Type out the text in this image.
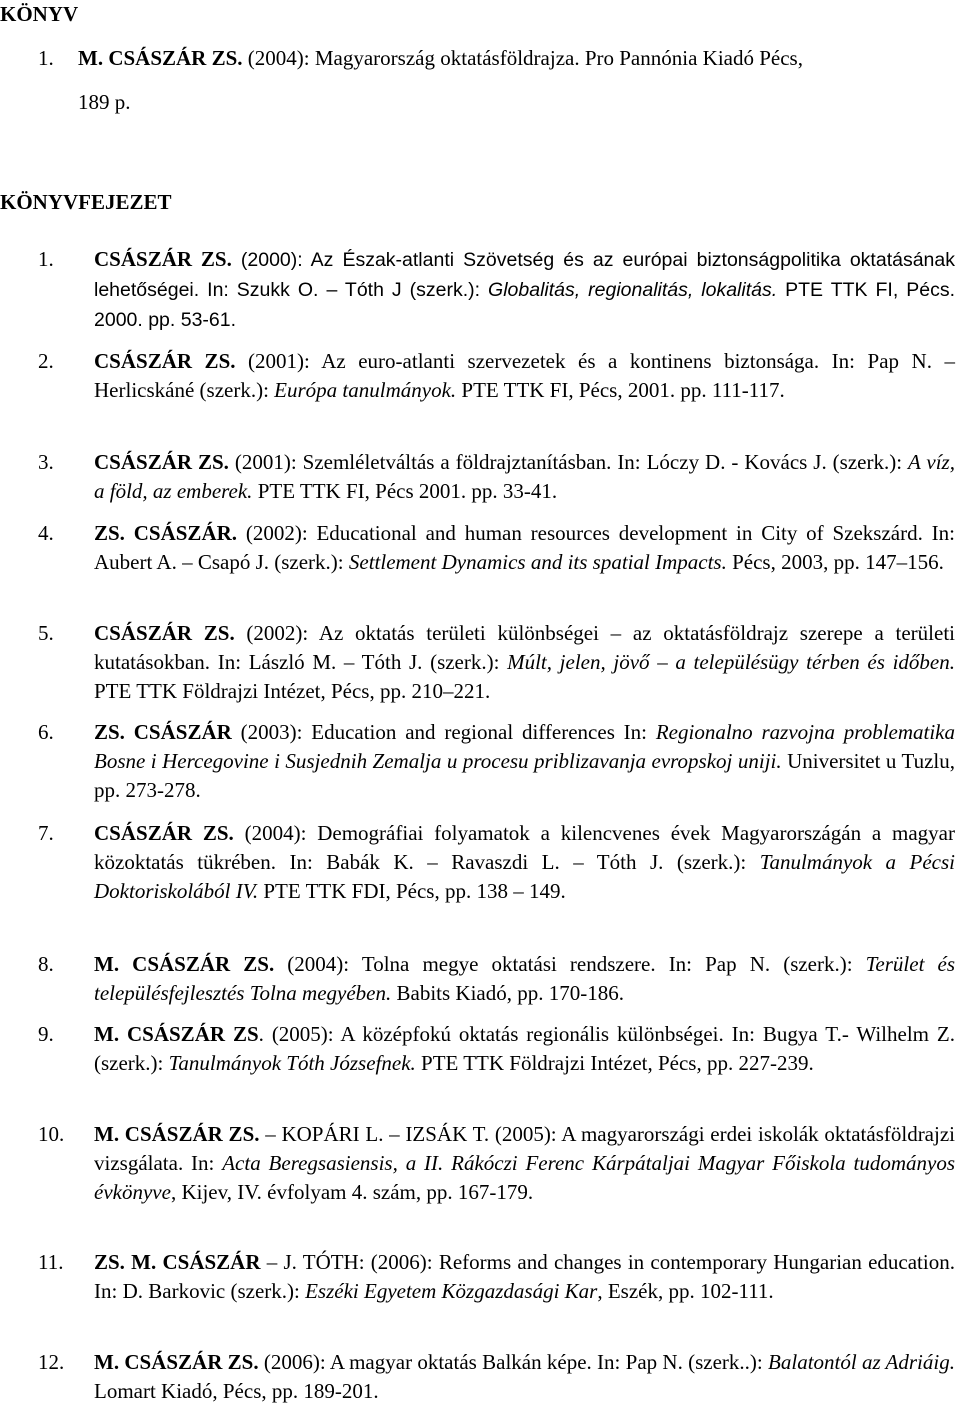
KÖNYV
1. M. CSÁSZÁR ZS. (2004): Magyarország oktatásföldrajza. Pro Pannónia Kiadó Pécs,
189 p.
KÖNYVFEJEZET
1. CSÁSZÁR ZS. (2000): Az Észak-atlanti Szövetség és az európai biztonságpolitika oktatásának lehetőségei. In: Szukk O. – Tóth J (szerk.): Globalitás, regionalitás, lokalitás. PTE TTK FI, Pécs. 2000. pp. 53-61.
2. CSÁSZÁR ZS. (2001): Az euro-atlanti szervezetek és a kontinens biztonsága. In: Pap N. – Herlicskáné (szerk.): Európa tanulmányok. PTE TTK FI, Pécs, 2001. pp. 111-117.
3. CSÁSZÁR ZS. (2001): Szemléletváltás a földrajztanításban. In: Lóczy D. - Kovács J. (szerk.): A víz, a föld, az emberek. PTE TTK FI, Pécs 2001. pp. 33-41.
4. ZS. CSÁSZÁR. (2002): Educational and human resources development in City of Szekszárd. In: Aubert A. – Csapó J. (szerk.): Settlement Dynamics and its spatial Impacts. Pécs, 2003, pp. 147–156.
5. CSÁSZÁR ZS. (2002): Az oktatás területi különbségei – az oktatásföldrajz szerepe a területi kutatásokban. In: László M. – Tóth J. (szerk.): Múlt, jelen, jövő – a településügy térben és időben. PTE TTK Földrajzi Intézet, Pécs, pp. 210–221.
6. ZS. CSÁSZÁR (2003): Education and regional differences In: Regionalno razvojna problematika Bosne i Hercegovine i Susjednih Zemalja u procesu priblizavanja evropskoj uniji. Universitet u Tuzlu, pp. 273-278.
7. CSÁSZÁR ZS. (2004): Demográfiai folyamatok a kilencvenes évek Magyarországán a magyar közoktatás tükrében. In: Babák K. – Ravaszdi L. – Tóth J. (szerk.): Tanulmányok a Pécsi Doktoriskolából IV. PTE TTK FDI, Pécs, pp. 138 – 149.
8. M. CSÁSZÁR ZS. (2004): Tolna megye oktatási rendszere. In: Pap N. (szerk.): Terület és településfejlesztés Tolna megyében. Babits Kiadó, pp. 170-186.
9. M. CSÁSZÁR ZS. (2005): A középfokú oktatás regionális különbségei. In: Bugya T.- Wilhelm Z. (szerk.): Tanulmányok Tóth Józsefnek. PTE TTK Földrajzi Intézet, Pécs, pp. 227-239.
10. M. CSÁSZÁR ZS. – KOPÁRI L. – IZSÁK T. (2005): A magyarországi erdei iskolák oktatásföldrajzi vizsgálata. In: Acta Beregsasiensis, a II. Rákóczi Ferenc Kárpátaljai Magyar Főiskola tudományos évkönyve, Kijev, IV. évfolyam 4. szám, pp. 167-179.
11. ZS. M. CSÁSZÁR – J. TÓTH: (2006): Reforms and changes in contemporary Hungarian education. In: D. Barkovic (szerk.): Eszéki Egyetem Közgazdasági Kar, Eszék, pp. 102-111.
12. M. CSÁSZÁR ZS. (2006): A magyar oktatás Balkán képe. In: Pap N. (szerk..): Balatontól az Adriáig. Lomart Kiadó, Pécs, pp. 189-201.
